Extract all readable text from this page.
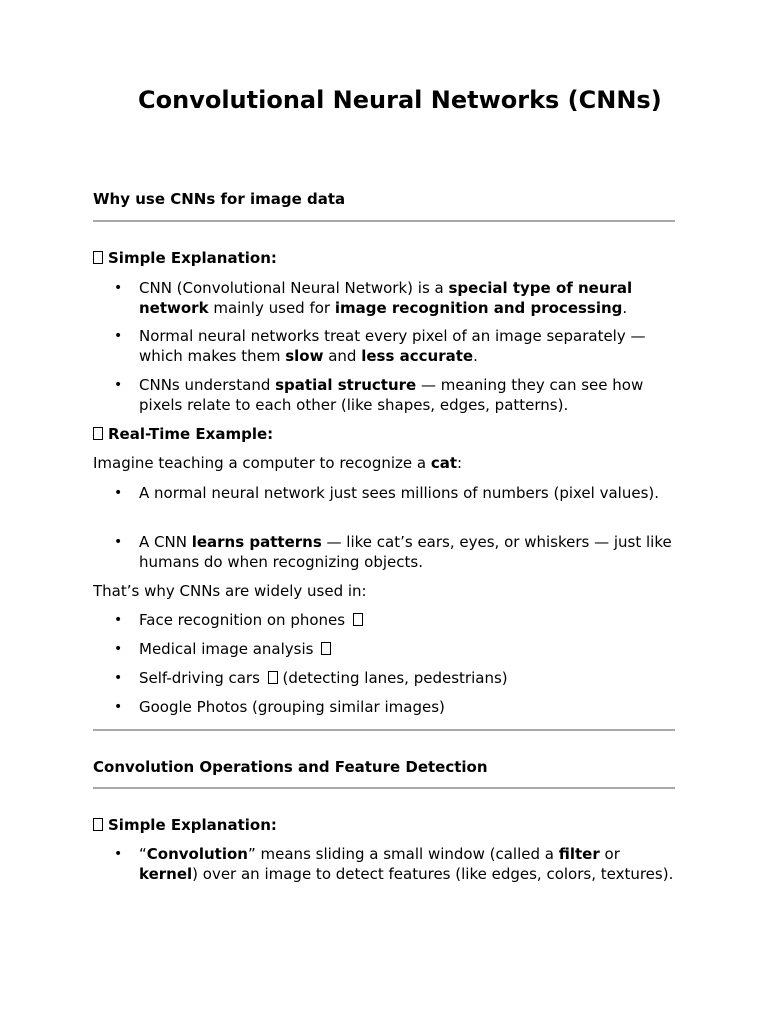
Convolutional Neural Networks (CNNs)
Why use CNNs for image data
Simple Explanation:
• CNN (Convolutional Neural Network) is a special type of neural network mainly used for image recognition and processing.
• Normal neural networks treat every pixel of an image separately — which makes them slow and less accurate.
• CNNs understand spatial structure — meaning they can see how pixels relate to each other (like shapes, edges, patterns).
Real-Time Example:
Imagine teaching a computer to recognize a cat:
• A normal neural network just sees millions of numbers (pixel values).
• A CNN learns patterns — like cat’s ears, eyes, or whiskers — just like humans do when recognizing objects.
That’s why CNNs are widely used in:
• Face recognition on phones
• Medical image analysis
• Self-driving cars  (detecting lanes, pedestrians)
• Google Photos (grouping similar images)
Convolution Operations and Feature Detection
Simple Explanation:
• “Convolution” means sliding a small window (called a filter or kernel) over an image to detect features (like edges, colors, textures).
